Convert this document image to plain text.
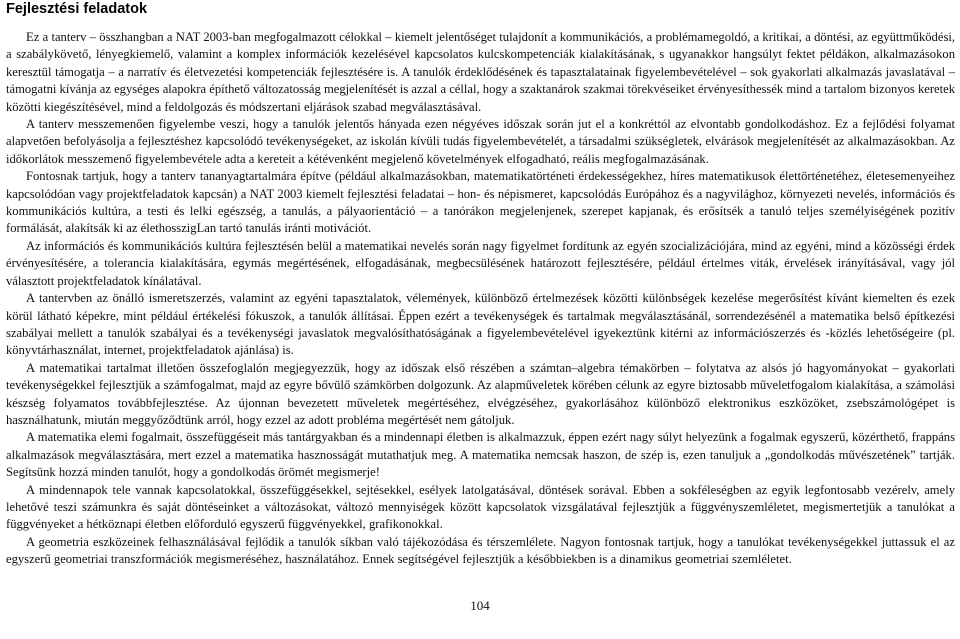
Fejlesztési feladatok

Ez a tanterv – összhangban a NAT 2003-ban megfogalmazott célokkal – kiemelt jelentőséget tulajdonít a kommunikációs, a problémamegoldó, a kritikai, a döntési, az együttműködési, a szabálykövető, lényegkiemelő, valamint a komplex információk kezelésével kapcsolatos kulcskompetenciák kialakításának, s ugyanakkor hangsúlyt fektet példákon, alkalmazásokon keresztül támogatja – a narratív és életvezetési kompetenciák fejlesztésére is. A tanulók érdeklődésének és tapasztalatainak figyelembevételével – sok gyakorlati alkalmazás javaslatával – támogatni kívánja az egységes alapokra építhető változatosság megjelenítését is azzal a céllal, hogy a szaktanárok szakmai törekvéseiket érvényesíthessék mind a tartalom bizonyos keretek közötti kiegészítésével, mind a feldolgozás és módszertani eljárások szabad megválasztásával.

A tanterv messzemenően figyelembe veszi, hogy a tanulók jelentős hányada ezen négyéves időszak során jut el a konkréttól az elvontabb gondolkodáshoz. Ez a fejlődési folyamat alapvetően befolyásolja a fejlesztéshez kapcsolódó tevékenységeket, az iskolán kívüli tudás figyelembevételét, a társadalmi szükségletek, elvárások megjelenítését az alkalmazásokban. Az időkorlátok messzemenő figyelembevétele adta a kereteit a kétévenként megjelenő követelmények elfogadható, reális megfogalmazásának.

Fontosnak tartjuk, hogy a tanterv tananyagtartalmára építve (például alkalmazásokban, matematikatörténeti érdekességekhez, híres matematikusok élettörténetéhez, életesemenyeihez kapcsolódóan vagy projektfeladatok kapcsán) a NAT 2003 kiemelt fejlesztési feladatai – hon- és népismeret, kapcsolódás Európához és a nagyvilághoz, környezeti nevelés, információs és kommunikációs kultúra, a testi és lelki egészség, a tanulás, a pályaorientáció – a tanórákon megjelenjenek, szerepet kapjanak, és erősítsék a tanuló teljes személyiségének pozitív formálását, alakítsák ki az élethosszigLan tartó tanulás iránti motivációt.

Az információs és kommunikációs kultúra fejlesztésén belül a matematikai nevelés során nagy figyelmet fordítunk az egyén szocializációjára, mind az egyéni, mind a közösségi érdek érvényesítésére, a tolerancia kialakítására, egymás megértésének, elfogadásának, megbecsülésének határozott fejlesztésére, például értelmes viták, érvelések irányításával, vagy jól választott projektfeladatok kínálatával.

A tantervben az önálló ismeretszerzés, valamint az egyéni tapasztalatok, vélemények, különböző értelmezések közötti különbségek kezelése megerősítést kívánt kiemelten és ezek körül látható képekre, mint például értékelési fókuszok, a tanulók állításai. Éppen ezért a tevékenységek és tartalmak megválasztásánál, sorrendezésénél a matematika belső építkezési szabályai mellett a tanulók szabályai és a tevékenységi javaslatok megvalósíthatóságának a figyelembevételével igyekeztünk kitérni az információszerzés és -közlés lehetőségeire (pl. könyvtárhasználat, internet, projektfeladatok ajánlása) is.

A matematikai tartalmat illetően összefoglalón megjegyezzük, hogy az időszak első részében a számtan–algebra témakörben – folytatva az alsós jó hagyományokat – gyakorlati tevékenységekkel fejlesztjük a számfogalmat, majd az egyre bővülő számkörben dolgozunk. Az alapműveletek körében célunk az egyre biztosabb műveletfogalom kialakítása, a számolási készség folyamatos továbbfejlesztése. Az újonnan bevezetett műveletek megértéséhez, elvégzéséhez, gyakorlásához különböző elektronikus eszközöket, zsebszámológépet is használhatunk, miután meggyőződtünk arról, hogy ezzel az adott probléma megértését nem gátoljuk.

A matematika elemi fogalmait, összefüggéseit más tantárgyakban és a mindennapi életben is alkalmazzuk, éppen ezért nagy súlyt helyezünk a fogalmak egyszerű, közérthető, frappáns alkalmazások megválasztására, mert ezzel a matematika hasznosságát mutathatjuk meg. A matematika nemcsak haszon, de szép is, ezen tanuljuk a „gondolkodás művészetének” tartják. Segítsünk hozzá minden tanulót, hogy a gondolkodás örömét megismerje!

A mindennapok tele vannak kapcsolatokkal, összefüggésekkel, sejtésekkel, esélyek latolgatásával, döntések sorával. Ebben a sokféleségben az egyik legfontosabb vezérelv, amely lehetővé teszi számunkra és saját döntéseinket a változásokat, változó mennyiségek között kapcsolatok vizsgálatával fejlesztjük a függvényszemléletet, megismertetjük a tanulókat a függvényeket a hétköznapi életben előforduló egyszerű függvényekkel, grafikonokkal.

A geometria eszközeinek felhasználásával fejlődik a tanulók síkban való tájékozódása és térszemlélete. Nagyon fontosnak tartjuk, hogy a tanulókat tevékenységekkel juttassuk el az egyszerű geometriai transzformációk megismeréséhez, használatához. Ennek segítségével fejlesztjük a későbbiekben is a dinamikus geometriai szemléletet.

104
